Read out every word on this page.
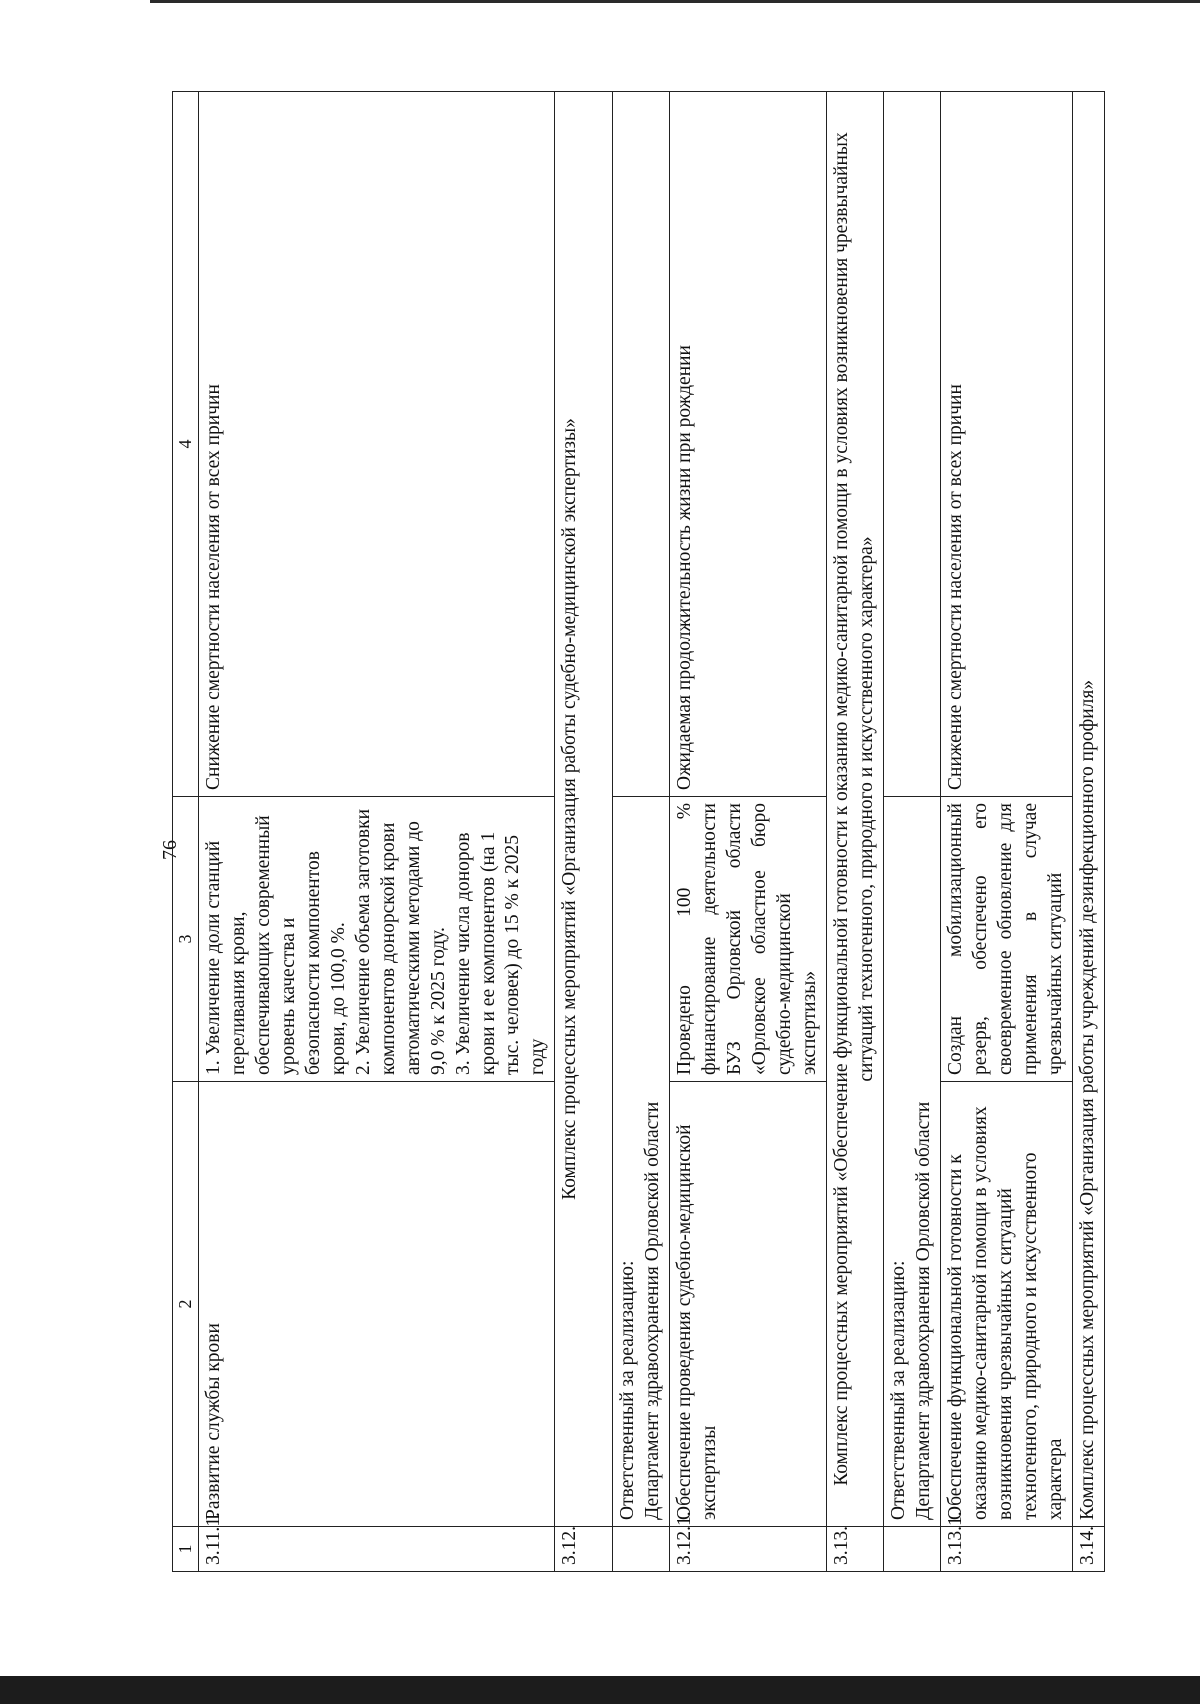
76
1	2	3	4
3.11.1.	Развитие службы крови	1. Увеличение доли станций переливания крови, обеспечивающих современный уровень качества и безопасности компонентов крови, до 100,0 %. 2. Увеличение объема заготовки компонентов донорской крови автоматическими методами до 9,0 % к 2025 году. 3. Увеличение числа доноров крови и ее компонентов (на 1 тыс. человек) до 15 % к 2025 году	Снижение смертности населения от всех причин
3.12.	Комплекс процессных мероприятий «Организация работы судебно-медицинской экспертизы»		

	Ответственный за реализацию: Департамент здравоохранения Орловской области		

3.12.1.	Обеспечение проведения судебно-медицинской экспертизы	Проведено 100 % финансирование деятельности БУЗ Орловской области «Орловское областное бюро судебно-медицинской экспертизы»	Ожидаемая продолжительность жизни при рождении
3.13.	Комплекс процессных мероприятий «Обеспечение функциональной готовности к оказанию медико-санитарной помощи в условиях возникновения чрезвычайных ситуаций техногенного, природного и искусственного характера»		

	Ответственный за реализацию: Департамент здравоохранения Орловской области		

3.13.1.	Обеспечение функциональной готовности к оказанию медико-санитарной помощи в условиях возникновения чрезвычайных ситуаций техногенного, природного и искусственного характера	Создан мобилизационный резерв, обеспечено его своевременное обновление для применения в случае чрезвычайных ситуаций	Снижение смертности населения от всех причин
3.14.	Комплекс процессных мероприятий «Организация работы учреждений дезинфекционного профиля»		
